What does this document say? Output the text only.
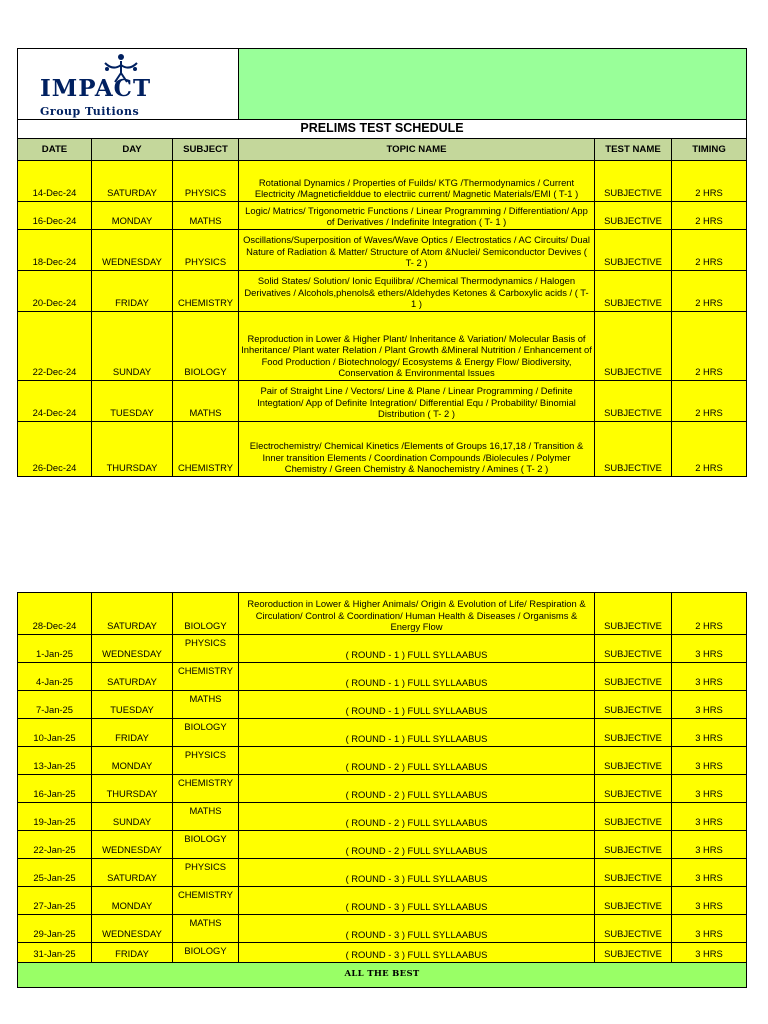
IMPACT
Group Tuitions					

PRELIMS TEST SCHEDULE					
DATE	DAY	SUBJECT	TOPIC NAME	TEST NAME	TIMING
14-Dec-24	SATURDAY	PHYSICS	Rotational Dynamics / Properties of Fuilds/ KTG /Thermodynamics / Current Electricity /Magneticfielddue to electriic current/ Magnetic Materials/EMI ( T-1 )	SUBJECTIVE	2 HRS
16-Dec-24	MONDAY	MATHS	Logic/ Matrics/ Trigonometric Functions / Linear Programming / Differentiation/ App of Derivatives / Indefinite Integration ( T- 1 )	SUBJECTIVE	2 HRS
18-Dec-24	WEDNESDAY	PHYSICS	Oscillations/Superposition of Waves/Wave Optics / Electrostatics / AC Circuits/ Dual Nature of Radiation & Matter/ Structure of Atom &Nuclei/ Semiconductor Devives ( T- 2 )	SUBJECTIVE	2 HRS
20-Dec-24	FRIDAY	CHEMISTRY	Solid States/ Solution/ Ionic Equilibra/ /Chemical Thermodynamics / Halogen Derivatives / Alcohols,phenols& ethers/Aldehydes Ketones & Carboxylic acids / ( T- 1 )	SUBJECTIVE	2 HRS
22-Dec-24	SUNDAY	BIOLOGY	Reproduction in Lower & Higher Plant/ Inheritance & Variation/ Molecular Basis of Inheritance/ Plant water Relation / Plant Growth &Mineral Nutrition / Enhancement of Food Production / Biotechnology/ Ecosystems & Energy Flow/ Biodiversity, Conservation & Environmental Issues	SUBJECTIVE	2 HRS
24-Dec-24	TUESDAY	MATHS	Pair of Straight Line / Vectors/ Line & Plane / Linear Programming / Definite Integtation/ App of Definite Integration/ Differential Equ / Probability/ Binomial Distribution ( T- 2 )	SUBJECTIVE	2 HRS
26-Dec-24	THURSDAY	CHEMISTRY	Electrochemistry/ Chemical Kinetics /Elements of Groups 16,17,18 / Transition & Inner transition Elements / Coordination Compounds /Biolecules / Polymer Chemistry / Green Chemistry & Nanochemistry / Amines ( T- 2 )	SUBJECTIVE	2 HRS
28-Dec-24	SATURDAY	BIOLOGY	Reoroduction in Lower & Higher Animals/ Origin & Evolution of Life/ Respiration & Circulation/ Control & Coordination/ Human Health & Diseases / Organisms & Energy Flow	SUBJECTIVE	2 HRS
1-Jan-25	WEDNESDAY	PHYSICS	( ROUND - 1 ) FULL SYLLAABUS	SUBJECTIVE	3 HRS
4-Jan-25	SATURDAY	CHEMISTRY	( ROUND - 1 ) FULL SYLLAABUS	SUBJECTIVE	3 HRS
7-Jan-25	TUESDAY	MATHS	( ROUND - 1 ) FULL SYLLAABUS	SUBJECTIVE	3 HRS
10-Jan-25	FRIDAY	BIOLOGY	( ROUND - 1 ) FULL SYLLAABUS	SUBJECTIVE	3 HRS
13-Jan-25	MONDAY	PHYSICS	( ROUND - 2 ) FULL SYLLAABUS	SUBJECTIVE	3 HRS
16-Jan-25	THURSDAY	CHEMISTRY	( ROUND - 2 ) FULL SYLLAABUS	SUBJECTIVE	3 HRS
19-Jan-25	SUNDAY	MATHS	( ROUND - 2 ) FULL SYLLAABUS	SUBJECTIVE	3 HRS
22-Jan-25	WEDNESDAY	BIOLOGY	( ROUND - 2 ) FULL SYLLAABUS	SUBJECTIVE	3 HRS
25-Jan-25	SATURDAY	PHYSICS	( ROUND - 3 ) FULL SYLLAABUS	SUBJECTIVE	3 HRS
27-Jan-25	MONDAY	CHEMISTRY	( ROUND - 3 ) FULL SYLLAABUS	SUBJECTIVE	3 HRS
29-Jan-25	WEDNESDAY	MATHS	( ROUND - 3 ) FULL SYLLAABUS	SUBJECTIVE	3 HRS
31-Jan-25	FRIDAY	BIOLOGY	( ROUND - 3 ) FULL SYLLAABUS	SUBJECTIVE	3 HRS
ALL THE BEST					
